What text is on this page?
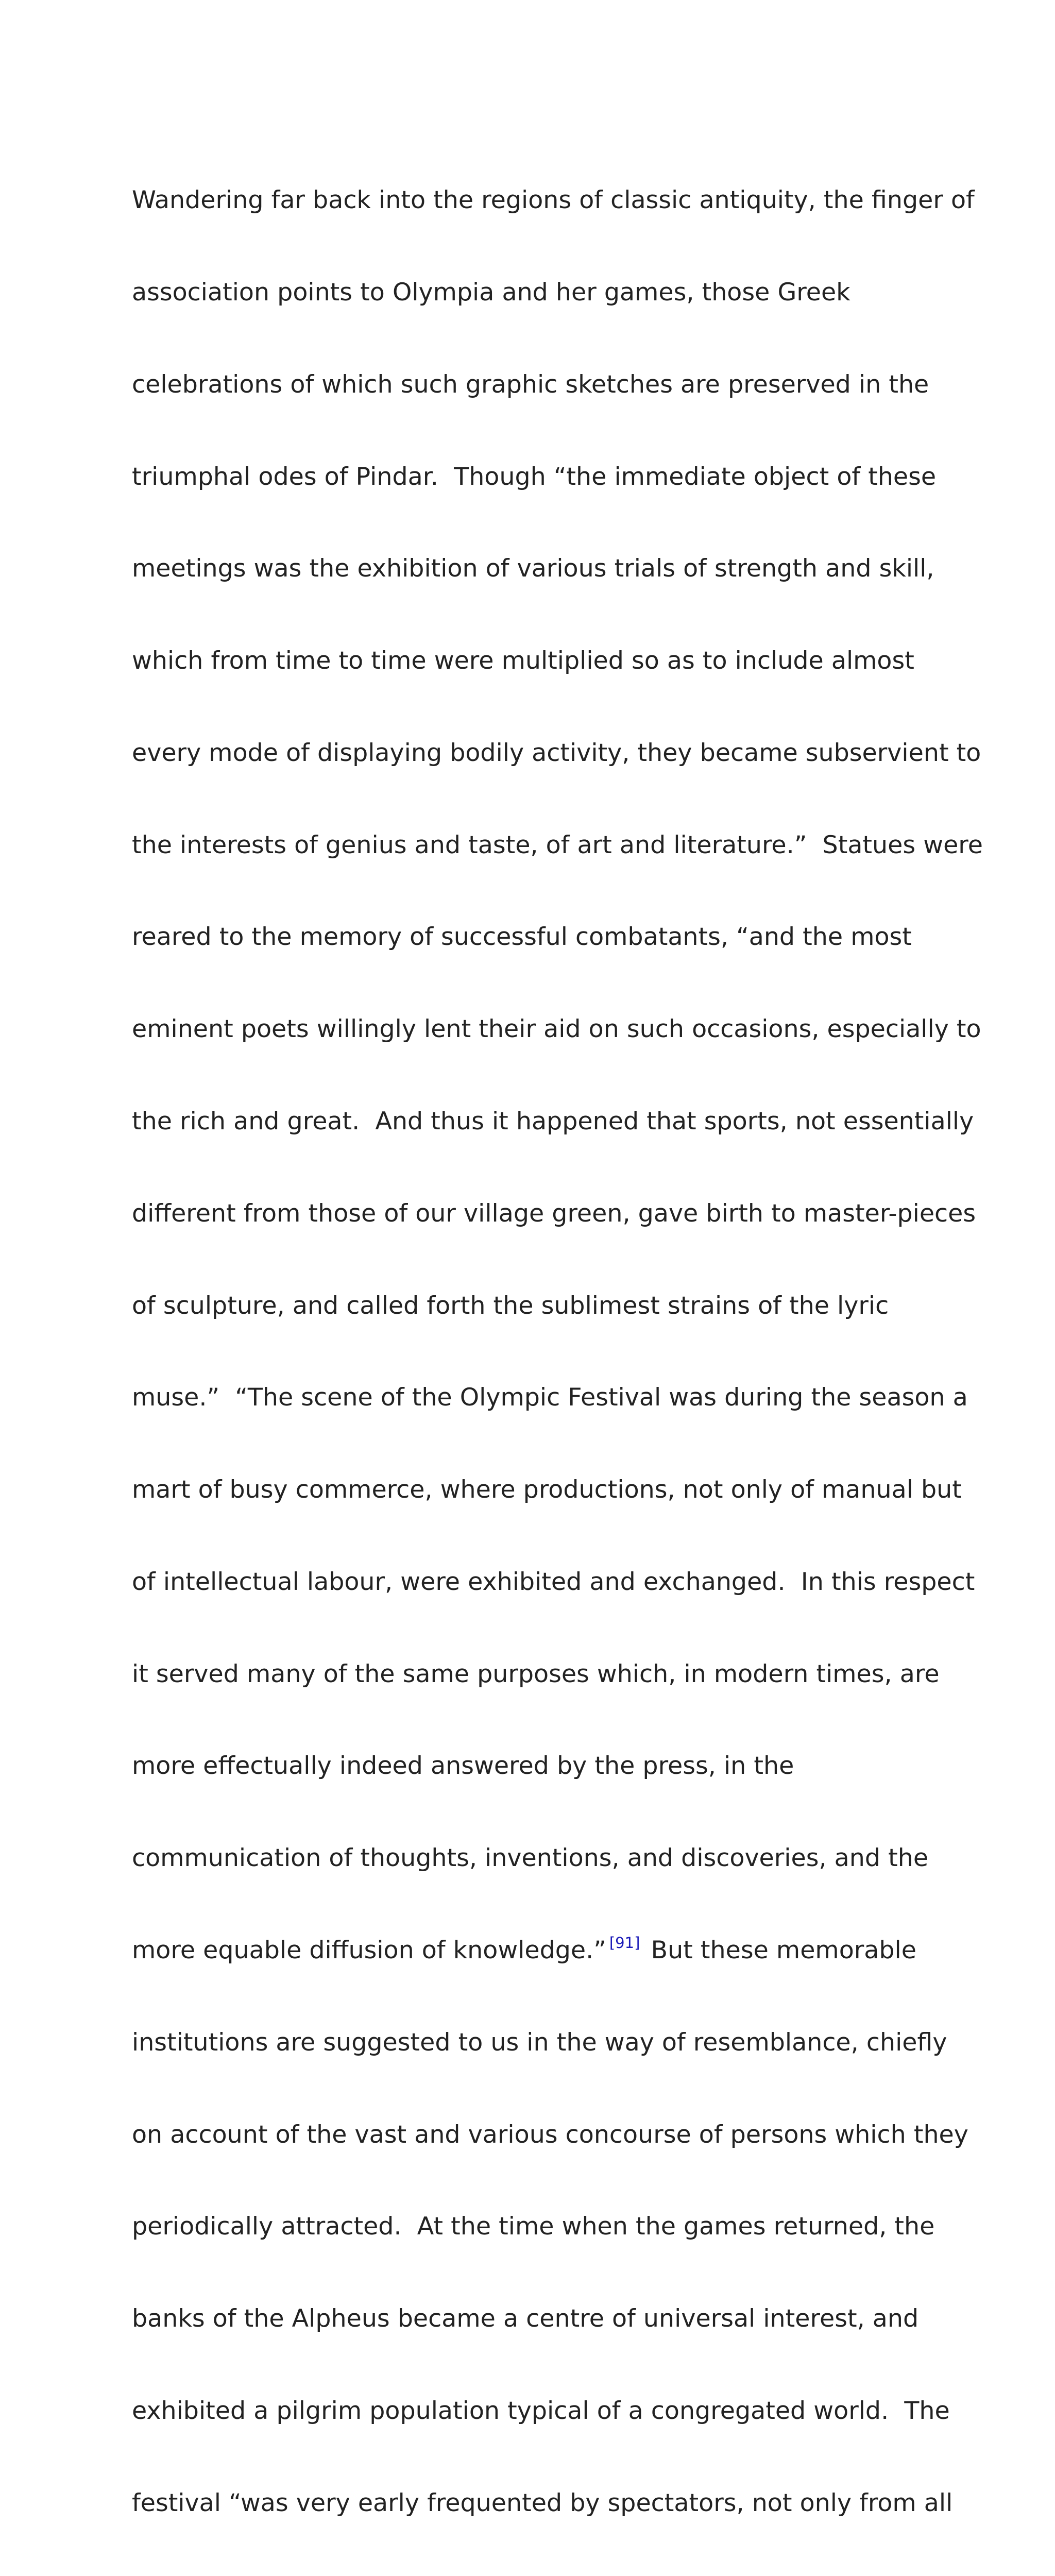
Wandering far back into the regions of classic antiquity, the finger of

association points to Olympia and her games, those Greek

celebrations of which such graphic sketches are preserved in the

triumphal odes of Pindar.  Though “the immediate object of these

meetings was the exhibition of various trials of strength and skill,

which from time to time were multiplied so as to include almost

every mode of displaying bodily activity, they became subservient to

the interests of genius and taste, of art and literature.”  Statues were

reared to the memory of successful combatants, “and the most

eminent poets willingly lent their aid on such occasions, especially to

the rich and great.  And thus it happened that sports, not essentially

different from those of our village green, gave birth to master-pieces

of sculpture, and called forth the sublimest strains of the lyric

muse.”  “The scene of the Olympic Festival was during the season a

mart of busy commerce, where productions, not only of manual but

of intellectual labour, were exhibited and exchanged.  In this respect

it served many of the same purposes which, in modern times, are

more effectually indeed answered by the press, in the

communication of thoughts, inventions, and discoveries, and the

more equable diffusion of knowledge.” [91] But these memorable

institutions are suggested to us in the way of resemblance, chiefly

on account of the vast and various concourse of persons which they

periodically attracted.  At the time when the games returned, the

banks of the Alpheus became a centre of universal interest, and

exhibited a pilgrim population typical of a congregated world.  The

festival “was very early frequented by spectators, not only from all
